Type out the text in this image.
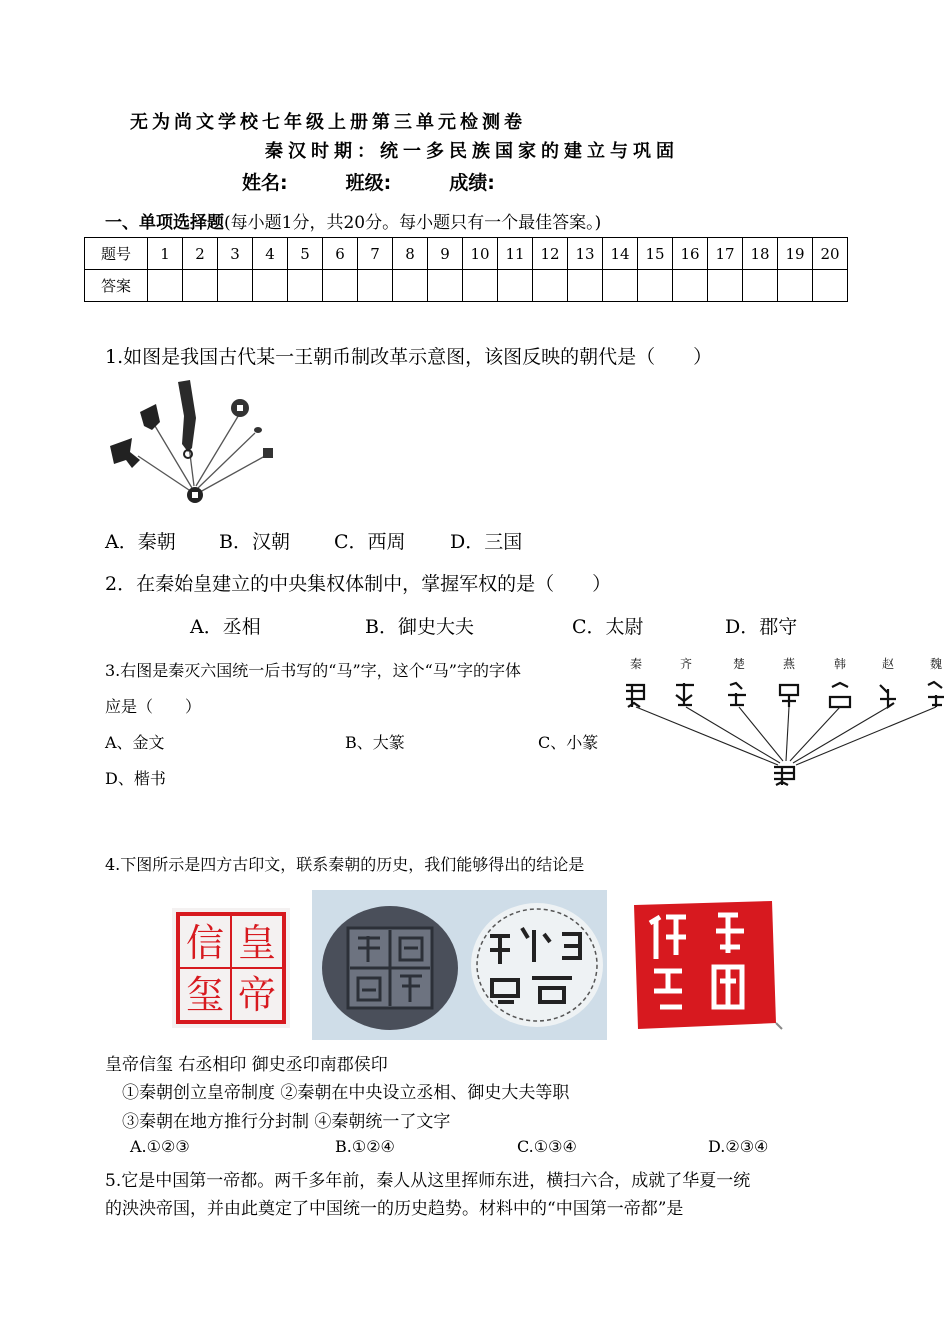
无为尚文学校七年级上册第三单元检测卷
秦汉时期：统一多民族国家的建立与巩固
姓名:	班级:	成绩:
一、单项选择题(每小题1分，共20分。每小题只有一个最佳答案。)
题号	1	2	3	4	5	6	7	8	9	10	11	12	13	14	15	16	17	18	19	20
答案																				
1.如图是我国古代某一王朝币制改革示意图，该图反映的朝代是（　　）
A．秦朝 B．汉朝 C．西周 D．三国
2．在秦始皇建立的中央集权体制中，掌握军权的是（　　）
A．丞相	B．御史大夫	C．太尉	D．郡守
3.右图是秦灭六国统一后书写的“马”字，这个“马”字的字体
应是（　　）
A、金文	B、大篆	C、小篆
D、楷书
秦	齐	楚	燕	韩	赵	魏
4.下图所示是四方古印文，联系秦朝的历史，我们能够得出的结论是
皇
帝
信
玺
皇帝信玺 右丞相印 御史丞印南郡侯印
①秦朝创立皇帝制度 ②秦朝在中央设立丞相、御史大夫等职
③秦朝在地方推行分封制 ④秦朝统一了文字
A.①②③	B.①②④	C.①③④	D.②③④
5.它是中国第一帝都。两千多年前，秦人从这里挥师东进，横扫六合，成就了华夏一统
的泱泱帝国，并由此奠定了中国统一的历史趋势。材料中的“中国第一帝都”是
